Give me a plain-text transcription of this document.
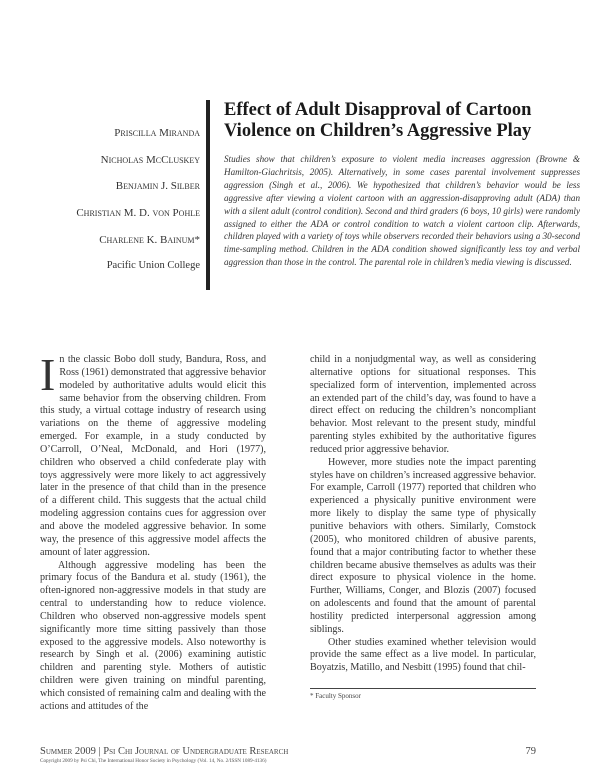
Effect of Adult Disapproval of Cartoon Violence on Children’s Aggressive Play
Priscilla Miranda
Nicholas McCluskey
Benjamin J. Silber
Christian M. D. von Pohle
Charlene K. Bainum*
Pacific Union College
Studies show that children’s exposure to violent media increases aggression (Browne & Hamilton-Giachritsis, 2005). Alternatively, in some cases parental involvement suppresses aggression (Singh et al., 2006). We hypothesized that children’s behavior would be less aggressive after viewing a violent cartoon with an aggression-disapproving adult (ADA) than with a silent adult (control condition). Second and third graders (6 boys, 10 girls) were randomly assigned to either the ADA or control condition to watch a violent cartoon clip. Afterwards, children played with a variety of toys while observers recorded their behaviors using a 30-second time-sampling method. Children in the ADA condition showed significantly less toy and verbal aggression than those in the control. The parental role in children’s media viewing is discussed.

In the classic Bobo doll study, Bandura, Ross, and Ross (1961) demonstrated that aggressive behavior modeled by authoritative adults would elicit this same behavior from the observing children. From this study, a virtual cottage industry of research using variations on the theme of aggressive modeling emerged. For example, in a study conducted by O’Carroll, O’Neal, McDonald, and Hori (1977), children who observed a child confederate play with toys aggressively were more likely to act aggressively later in the presence of that child than in the presence of a different child. This suggests that the actual child modeling aggression contains cues for aggression over and above the modeled aggressive behavior. In some way, the presence of this aggressive model affects the amount of later aggression.

Although aggressive modeling has been the primary focus of the Bandura et al. study (1961), the often-ignored non-aggressive models in that study are central to understanding how to reduce violence. Children who observed non-aggressive models spent significantly more time sitting passively than those exposed to the aggressive models. Also noteworthy is research by Singh et al. (2006) examining autistic children and parenting style. Mothers of autistic children were given training on mindful parenting, which consisted of remaining calm and dealing with the actions and attitudes of the

child in a nonjudgmental way, as well as considering alternative options for situational responses. This specialized form of intervention, implemented across an extended part of the child’s day, was found to have a direct effect on reducing the children’s noncompliant behavior. Most relevant to the present study, mindful parenting styles exhibited by the authoritative figures reduced prior aggressive behavior.

However, more studies note the impact parenting styles have on children’s increased aggressive behavior. For example, Carroll (1977) reported that children who experienced a physically punitive environment were more likely to display the same type of physically punitive behaviors with others. Similarly, Comstock (2005), who monitored children of abusive parents, found that a major contributing factor to whether these children became abusive themselves as adults was their direct exposure to physical violence in the home. Further, Williams, Conger, and Blozis (2007) focused on adolescents and found that the amount of parental hostility predicted interpersonal aggression among siblings.

Other studies examined whether television would provide the same effect as a live model. In particular, Boyatzis, Matillo, and Nesbitt (1995) found that chil-

* Faculty Sponsor
Summer 2009 | Psi Chi Journal of Undergraduate Research	79
Copyright 2009 by Psi Chi, The International Honor Society in Psychology (Vol. 14, No. 2/ISSN 1089-4136)
